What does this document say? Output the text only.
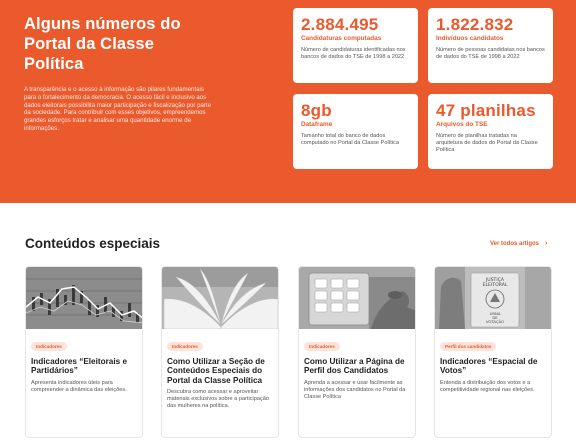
Alguns números do
Portal da Classe
Política

A transparência e o acesso à informação são pilares fundamentais para o fortalecimento da democracia. O acesso fácil e inclusivo aos dados eleitorais possibilita maior participação e fiscalização por parte da sociedade. Para contribuir com esses objetivos, empreendemos grandes esforços tratar e analisar uma quantidade enorme de informações.

2.884.495
Candidaturas computadas
Número de candidaturas identificadas nos bancos de dados do TSE de 1998 a 2022
1.822.832
Indivíduos candidatos
Número de pessoas candidatas nos bancos de dados do TSE de 1998 a 2022
8gb
Dataframe
Tamanho total do banco de dados computado no Portal da Classe Política
47 planilhas
Arquivos do TSE
Número de planilhas tratadas na arquitetura de dados do Portal da Classe Política
Conteúdos especiais	Ver todos artigos ›
Indicadores
Indicadores “Eleitorais e Partidários”
Apresenta indicadores úteis para compreender a dinâmica das eleições.
Indicadores
Como Utilizar a Seção de Conteúdos Especiais do Portal da Classe Política
Descubra como acessar e aproveitar materiais exclusivos sobre a participação das mulheres na política.
Indicadores
Como Utilizar a Página de Perfil dos Candidatos
Aprenda a acessar e usar facilmente as informações dos candidatos no Portal da Classe Política
JUSTIÇA
ELEITORAL
URNA
DE
VOTAÇÃO
Perfil dos candidatos
Indicadores “Espacial de Votos”
Entenda a distribuição dos votos e a competitividade regional nas eleições.
